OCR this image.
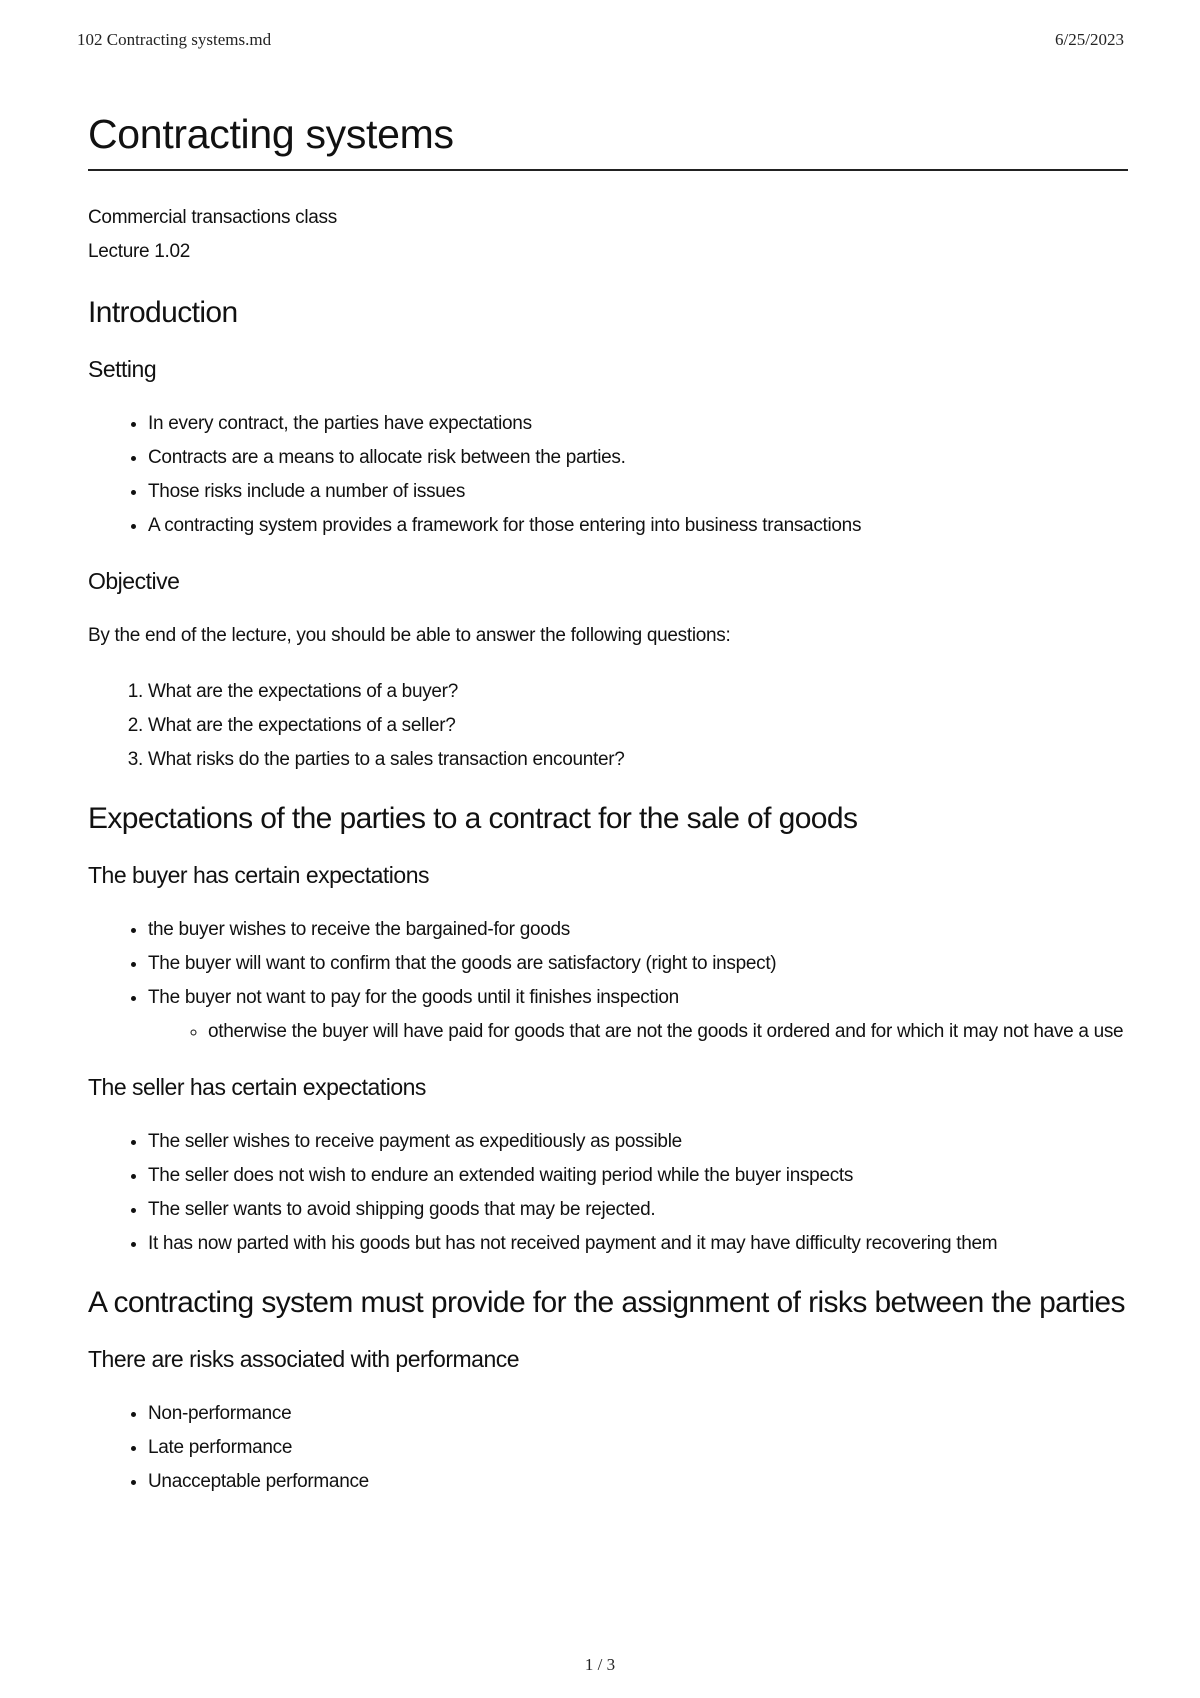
102 Contracting systems.md	6/25/2023
Contracting systems
Commercial transactions class
Lecture 1.02
Introduction
Setting
• In every contract, the parties have expectations
• Contracts are a means to allocate risk between the parties.
• Those risks include a number of issues
• A contracting system provides a framework for those entering into business transactions
Objective

By the end of the lecture, you should be able to answer the following questions:

1. What are the expectations of a buyer?
2. What are the expectations of a seller?
3. What risks do the parties to a sales transaction encounter?
Expectations of the parties to a contract for the sale of goods
The buyer has certain expectations
• the buyer wishes to receive the bargained-for goods
• The buyer will want to confirm that the goods are satisfactory (right to inspect)
• The buyer not want to pay for the goods until it finishes inspection
◦ otherwise the buyer will have paid for goods that are not the goods it ordered and for which it may not have a use
The seller has certain expectations
• The seller wishes to receive payment as expeditiously as possible
• The seller does not wish to endure an extended waiting period while the buyer inspects
• The seller wants to avoid shipping goods that may be rejected.
• It has now parted with his goods but has not received payment and it may have difficulty recovering them
A contracting system must provide for the assignment of risks between the parties
There are risks associated with performance
• Non-performance
• Late performance
• Unacceptable performance
1 / 3
